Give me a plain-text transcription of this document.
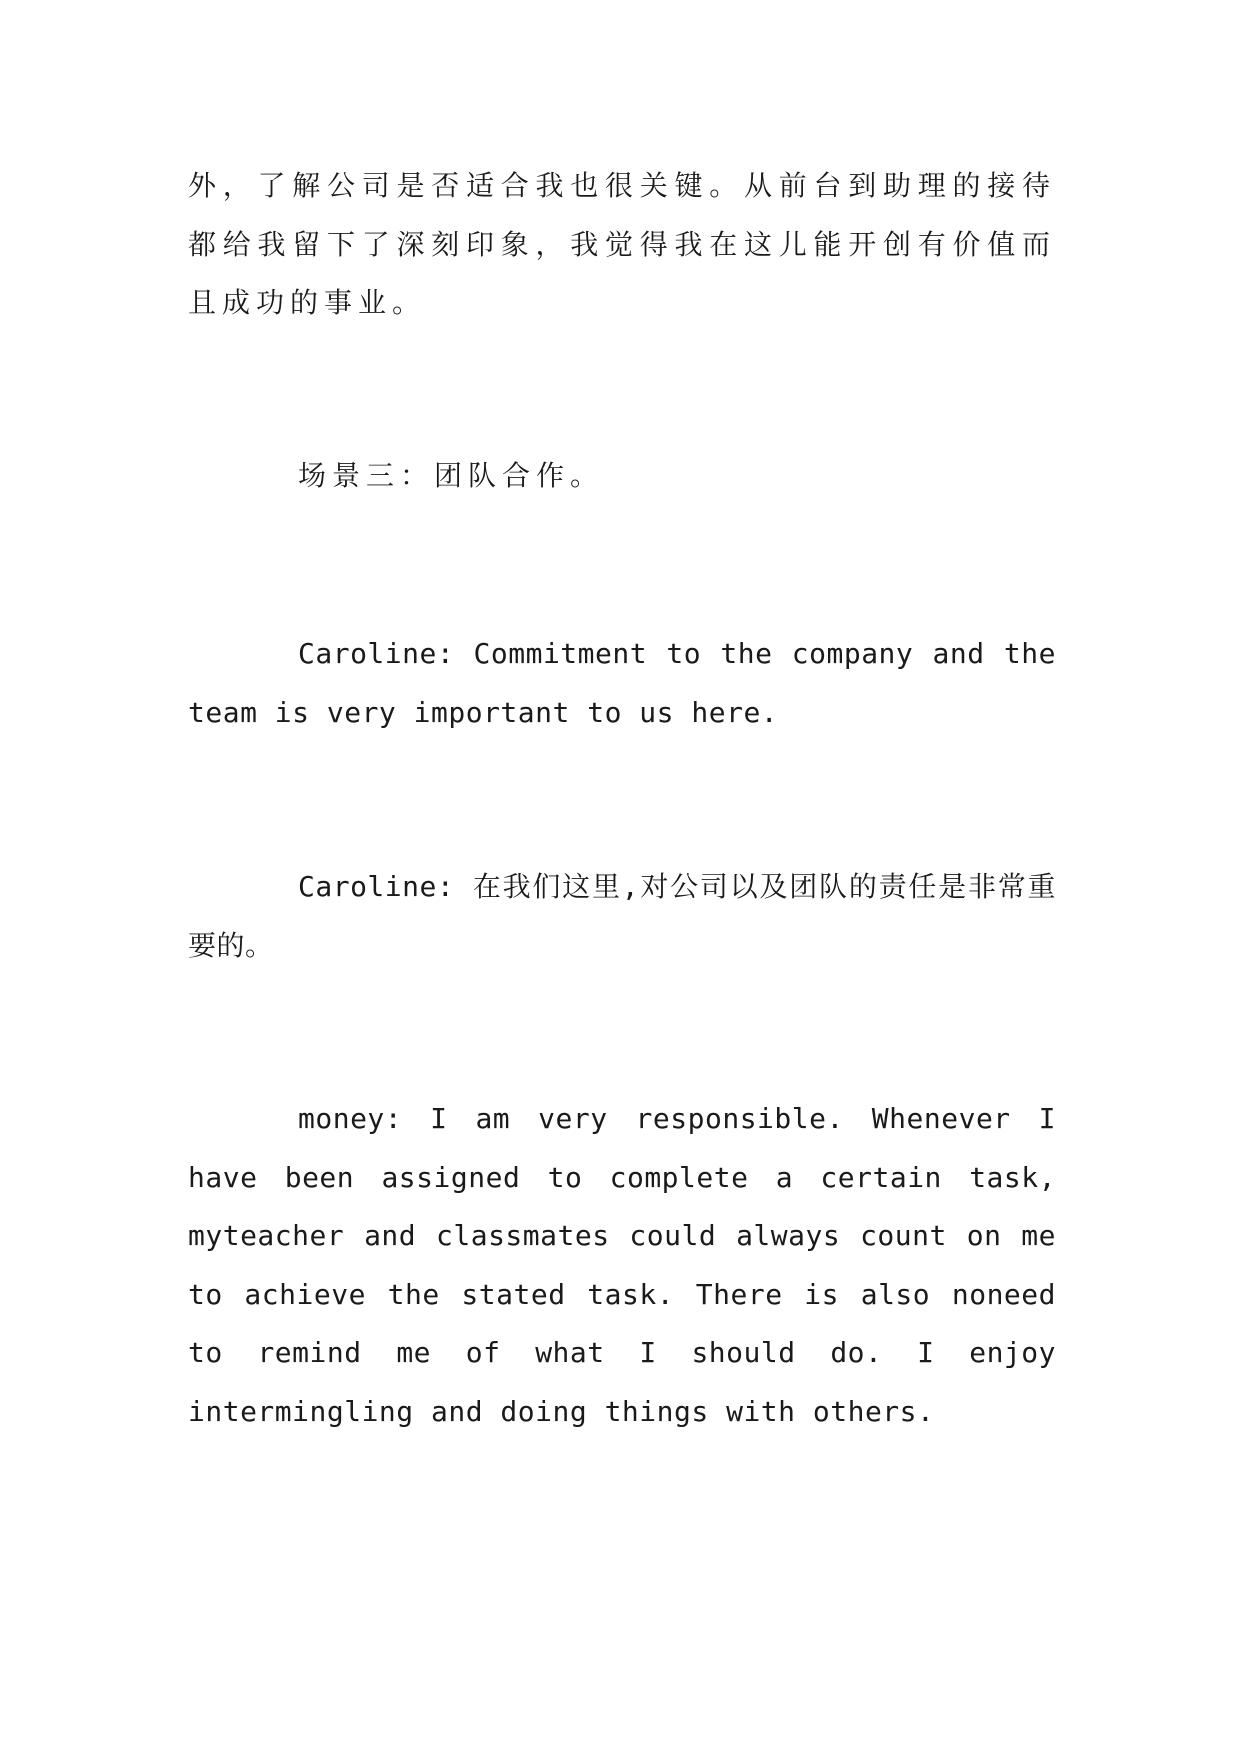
外，了解公司是否适合我也很关键。从前台到助理的接待都给我留下了深刻印象，我觉得我在这儿能开创有价值而且成功的事业。

场景三：团队合作。

Caroline: Commitment to the company and the team is very important to us here.

Caroline: 在我们这里,对公司以及团队的责任是非常重要的。

money: I am very responsible. Whenever I have been assigned to complete a certain task, myteacher and classmates could always count on me to achieve the stated task. There is also noneed to remind me of what I should do. I enjoy intermingling and doing things with others.
